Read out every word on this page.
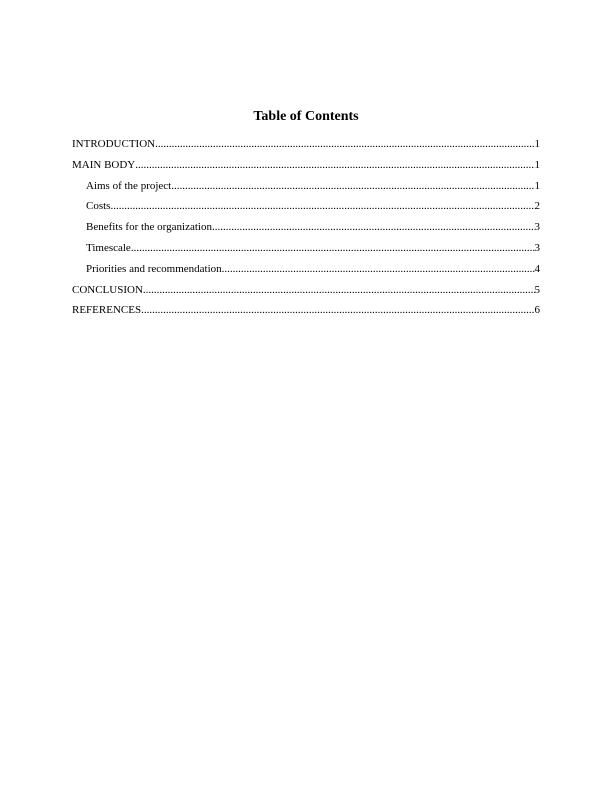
Table of Contents
INTRODUCTION .....	1
MAIN BODY .....	1
Aims of the project .....	1
Costs .....	2
Benefits for the organization .....	3
Timescale .....	3
Priorities and recommendation .....	4
CONCLUSION .....	5
REFERENCES .....	6
